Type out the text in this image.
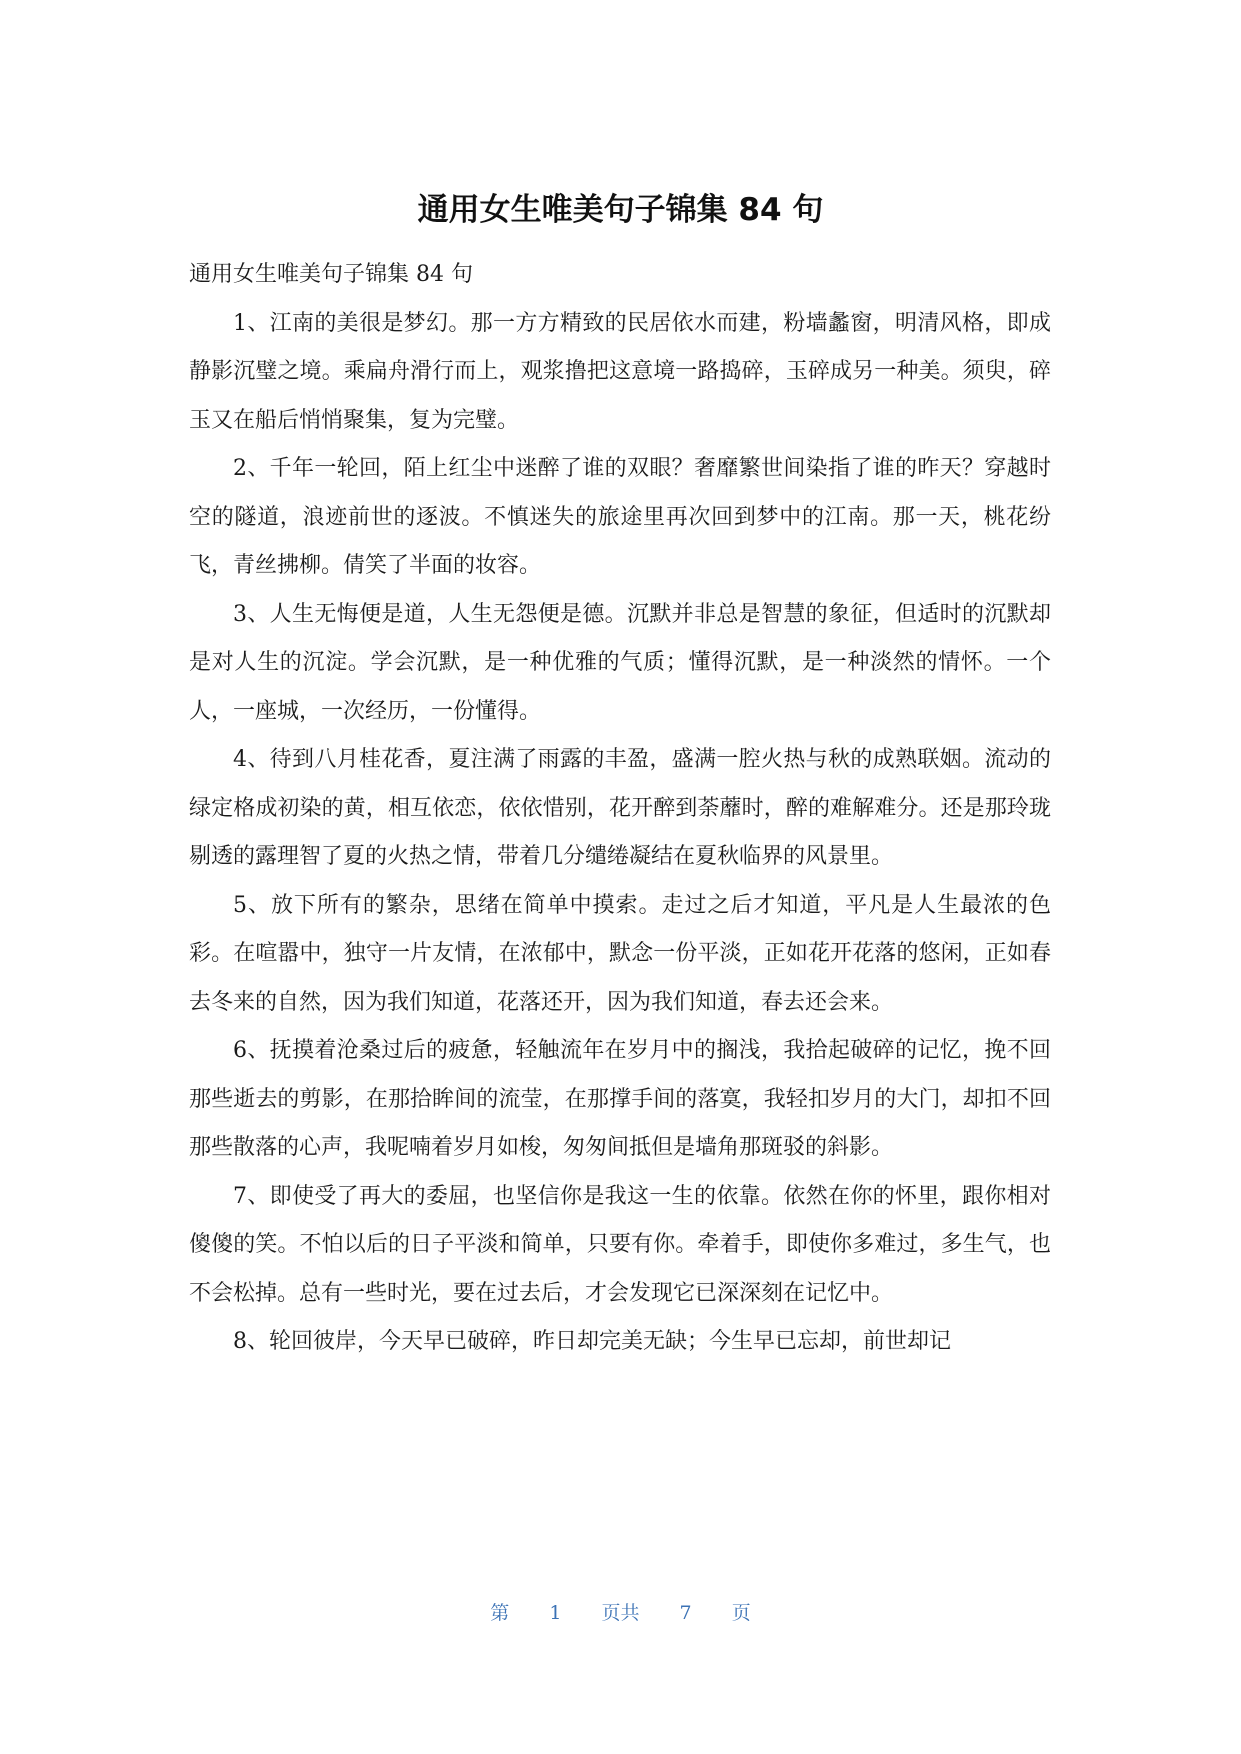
通用女生唯美句子锦集 84 句

通用女生唯美句子锦集 84 句

1、江南的美很是梦幻。那一方方精致的民居依水而建，粉墙蠡窗，明清风格，即成静影沉璧之境。乘扁舟滑行而上，观浆撸把这意境一路捣碎，玉碎成另一种美。须臾，碎玉又在船后悄悄聚集，复为完璧。

2、千年一轮回，陌上红尘中迷醉了谁的双眼？奢靡繁世间染指了谁的昨天？穿越时空的隧道，浪迹前世的逐波。不慎迷失的旅途里再次回到梦中的江南。那一天，桃花纷飞，青丝拂柳。倩笑了半面的妆容。

3、人生无悔便是道，人生无怨便是德。沉默并非总是智慧的象征，但适时的沉默却是对人生的沉淀。学会沉默，是一种优雅的气质；懂得沉默，是一种淡然的情怀。一个人，一座城，一次经历，一份懂得。

4、待到八月桂花香，夏注满了雨露的丰盈，盛满一腔火热与秋的成熟联姻。流动的绿定格成初染的黄，相互依恋，依依惜别，花开醉到荼蘼时，醉的难解难分。还是那玲珑剔透的露理智了夏的火热之情，带着几分缱绻凝结在夏秋临界的风景里。

5、放下所有的繁杂，思绪在简单中摸索。走过之后才知道，平凡是人生最浓的色彩。在喧嚣中，独守一片友情，在浓郁中，默念一份平淡，正如花开花落的悠闲，正如春去冬来的自然，因为我们知道，花落还开，因为我们知道，春去还会来。

6、抚摸着沧桑过后的疲惫，轻触流年在岁月中的搁浅，我拾起破碎的记忆，挽不回那些逝去的剪影，在那拾眸间的流莹，在那撑手间的落寞，我轻扣岁月的大门，却扣不回那些散落的心声，我呢喃着岁月如梭，匆匆间抵但是墙角那斑驳的斜影。

7、即使受了再大的委屈，也坚信你是我这一生的依靠。依然在你的怀里，跟你相对傻傻的笑。不怕以后的日子平淡和简单，只要有你。牵着手，即使你多难过，多生气，也不会松掉。总有一些时光，要在过去后，才会发现它已深深刻在记忆中。

8、轮回彼岸，今天早已破碎，昨日却完美无缺；今生早已忘却，前世却记

第 1 页共 7 页
